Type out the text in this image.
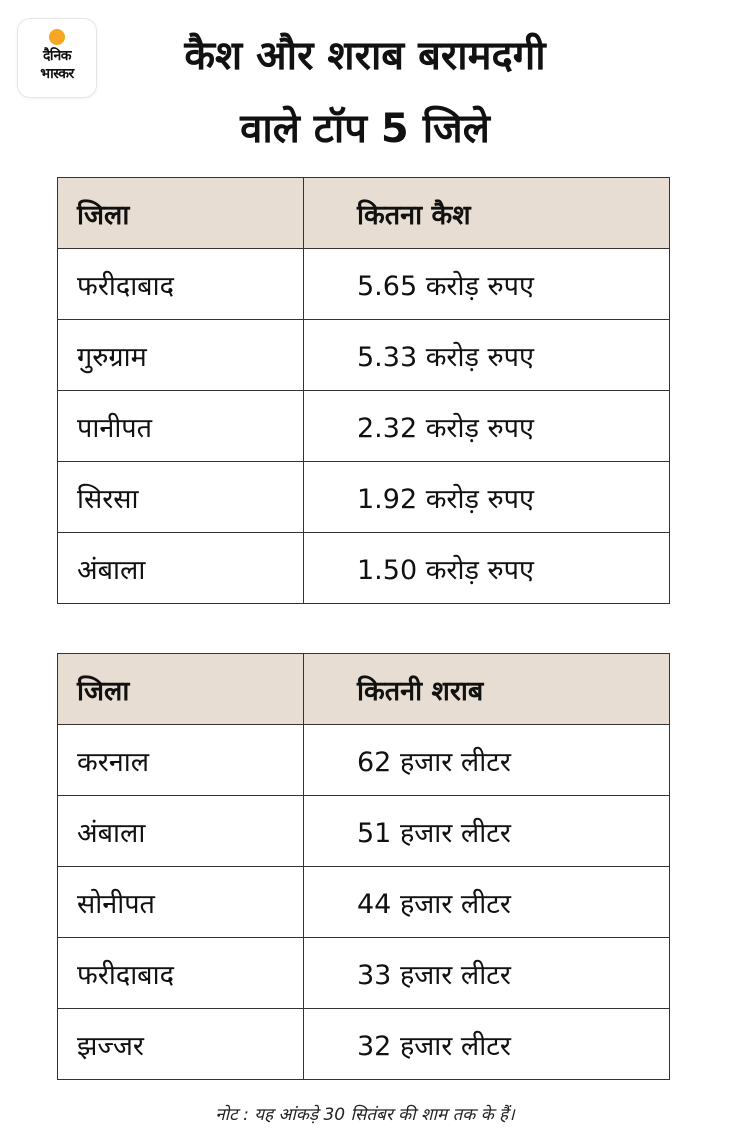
दैनिक
भास्कर	कैश और शराब बरामदगी
वाले टॉप 5 जिले
जिला	कितना कैश
फरीदाबाद	5.65 करोड़ रुपए
गुरुग्राम	5.33 करोड़ रुपए
पानीपत	2.32 करोड़ रुपए
सिरसा	1.92 करोड़ रुपए
अंबाला	1.50 करोड़ रुपए
जिला	कितनी शराब
करनाल	62 हजार लीटर
अंबाला	51 हजार लीटर
सोनीपत	44 हजार लीटर
फरीदाबाद	33 हजार लीटर
झज्जर	32 हजार लीटर
नोट : यह आंकड़े 30 सितंबर की शाम तक के हैं।
